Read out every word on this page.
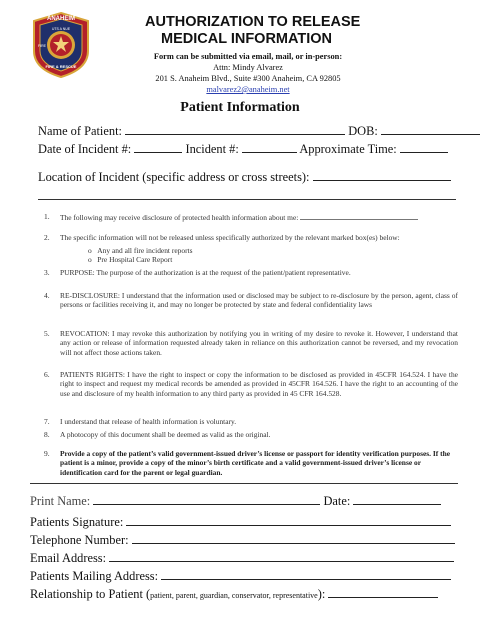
ANAHEIM
UTS A NUE
FIRE
FIRE & RESCUE
AUTHORIZATION TO RELEASE
MEDICAL INFORMATION
Form can be submitted via email, mail, or in-person:
Attn: Mindy Alvarez
201 S. Anaheim Blvd., Suite #300 Anaheim, CA 92805
malvarez2@anaheim.net
Patient Information
Name of Patient:	DOB:
Date of Incident #:	Incident #:	Approximate Time:
Location of Incident (specific address or cross streets):
1. The following may receive disclosure of protected health information about me:
2. The specific information will not be released unless specifically authorized by the relevant marked box(es) below:
3. PURPOSE: The purpose of the authorization is at the request of the patient/patient representative.
4. RE-DISCLOSURE: I understand that the information used or disclosed may be subject to re-disclosure by the person, agent, class of persons or facilities receiving it, and may no longer be protected by state and federal confidentiality laws
5. REVOCATION: I may revoke this authorization by notifying you in writing of my desire to revoke it. However, I understand that any action or release of information requested already taken in reliance on this authorization cannot be reversed, and my revocation will not affect those actions taken.
6. PATIENTS RIGHTS: I have the right to inspect or copy the information to be disclosed as provided in 45CFR 164.524. I have the right to inspect and request my medical records be amended as provided in 45CFR 164.526. I have the right to an accounting of the use and disclosure of my health information to any third party as provided in 45 CFR 164.528.
7. I understand that release of health information is voluntary.
8. A photocopy of this document shall be deemed as valid as the original.
9. Provide a copy of the patient’s valid government-issued driver’s license or passport for identity verification purposes. If the patient is a minor, provide a copy of the minor’s birth certificate and a valid government-issued driver’s license or identification card for the parent or legal guardian.
o Any and all fire incident reports
o Pre Hospital Care Report
Print Name:	Date:
Patients Signature:
Telephone Number:
Email Address:
Patients Mailing Address:
Relationship to Patient (patient, parent, guardian, conservator, representative):
